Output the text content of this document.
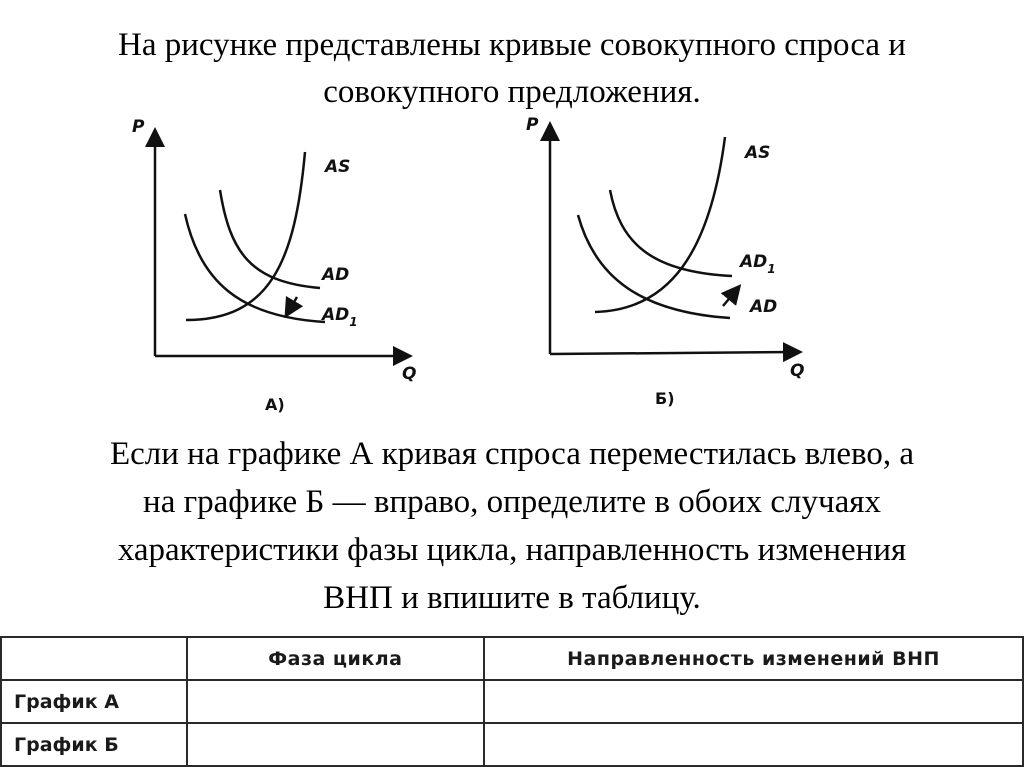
На рисунке представлены кривые совокупного спроса и
совокупного предложения.
P
Q
AS
AD
$AD_1$
А)
P
Q
AS
$AD_1$
AD
Б)
Если на графике А кривая спроса переместилась влево, а
на графике Б — вправо, определите в обоих случаях
характеристики фазы цикла, направленность изменения
ВНП и впишите в таблицу.
	Фаза цикла	Направленность изменений ВНП
График А		
График Б		
